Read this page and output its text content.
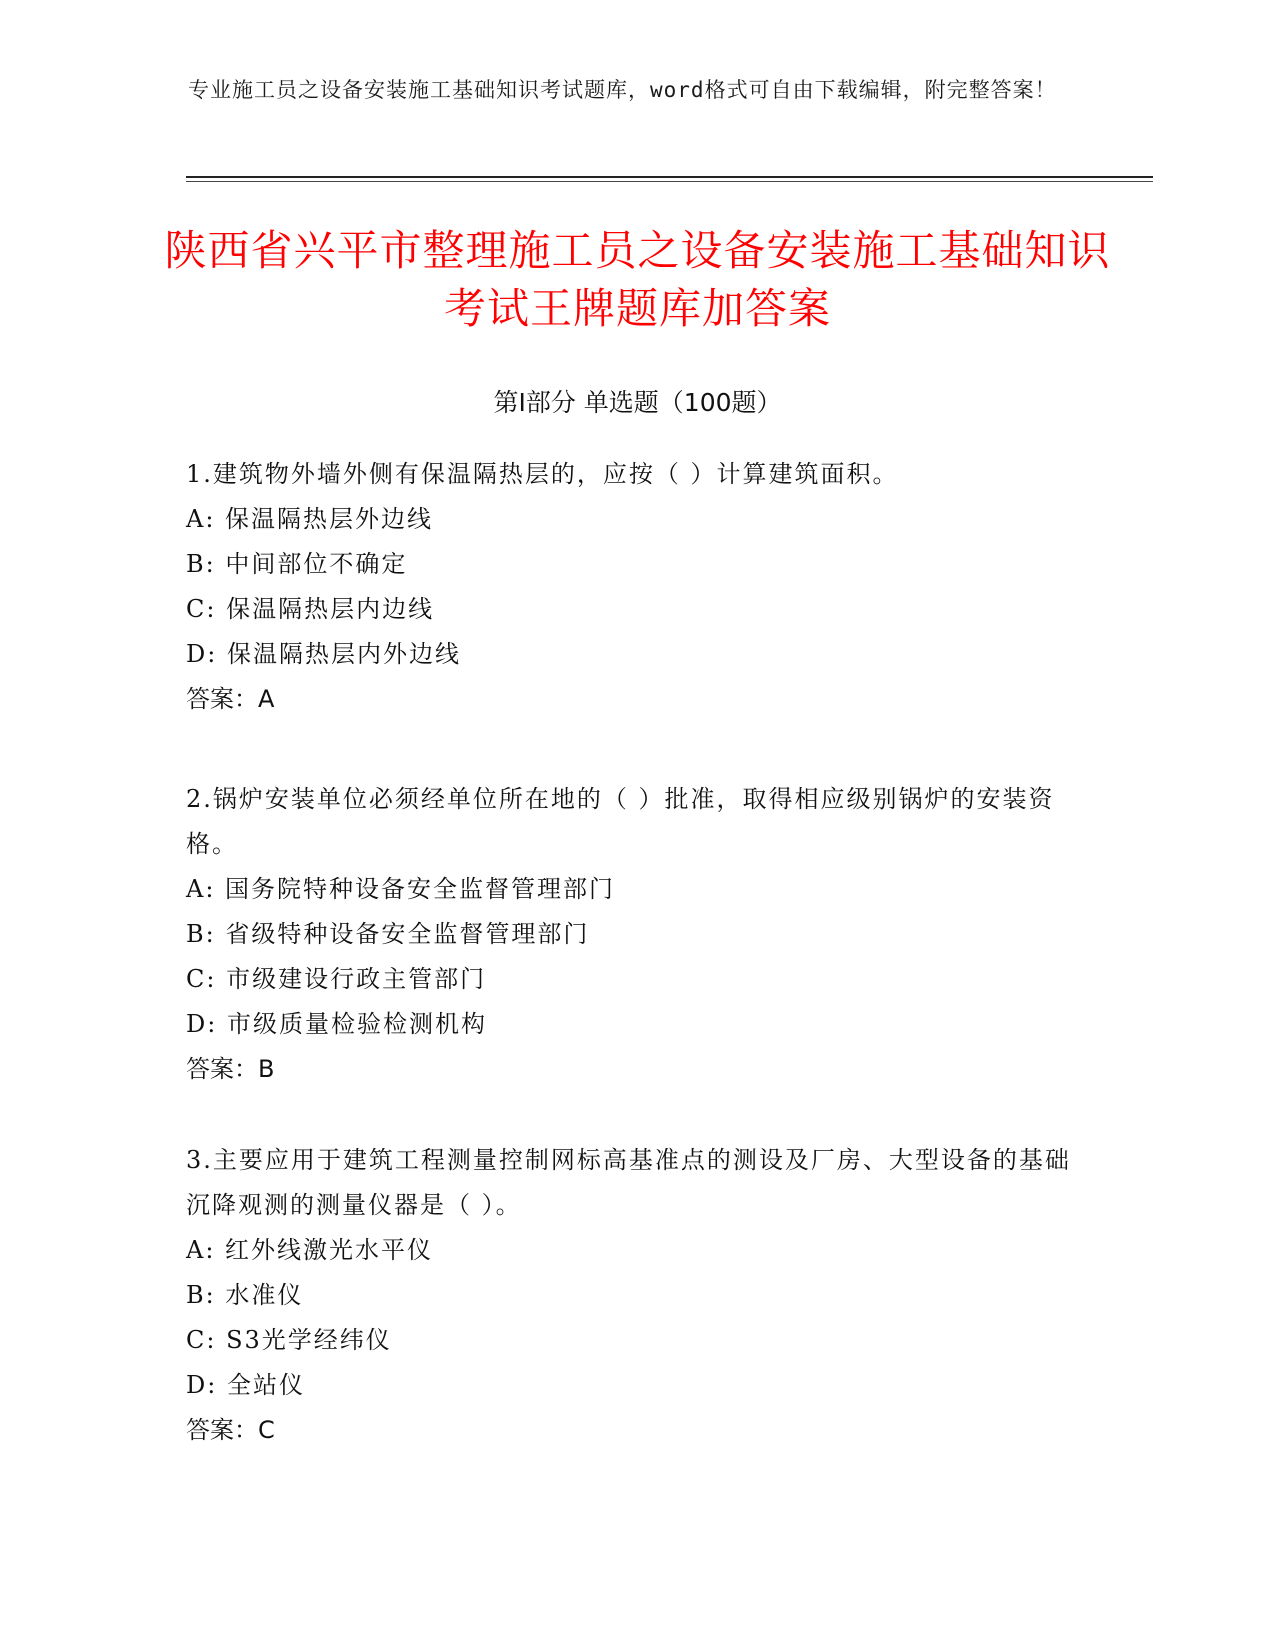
专业施工员之设备安装施工基础知识考试题库，word格式可自由下载编辑，附完整答案！
陕西省兴平市整理施工员之设备安装施工基础知识考试王牌题库加答案
第Ⅰ部分 单选题（100题）
1.建筑物外墙外侧有保温隔热层的，应按（ ）计算建筑面积。
A: 保温隔热层外边线
B: 中间部位不确定
C: 保温隔热层内边线
D: 保温隔热层内外边线
答案：A
2.锅炉安装单位必须经单位所在地的（ ）批准，取得相应级别锅炉的安装资格。
A: 国务院特种设备安全监督管理部门
B: 省级特种设备安全监督管理部门
C: 市级建设行政主管部门
D: 市级质量检验检测机构
答案：B
3.主要应用于建筑工程测量控制网标高基准点的测设及厂房、大型设备的基础沉降观测的测量仪器是（ ）。
A: 红外线激光水平仪
B: 水准仪
C: S3光学经纬仪
D: 全站仪
答案：C
